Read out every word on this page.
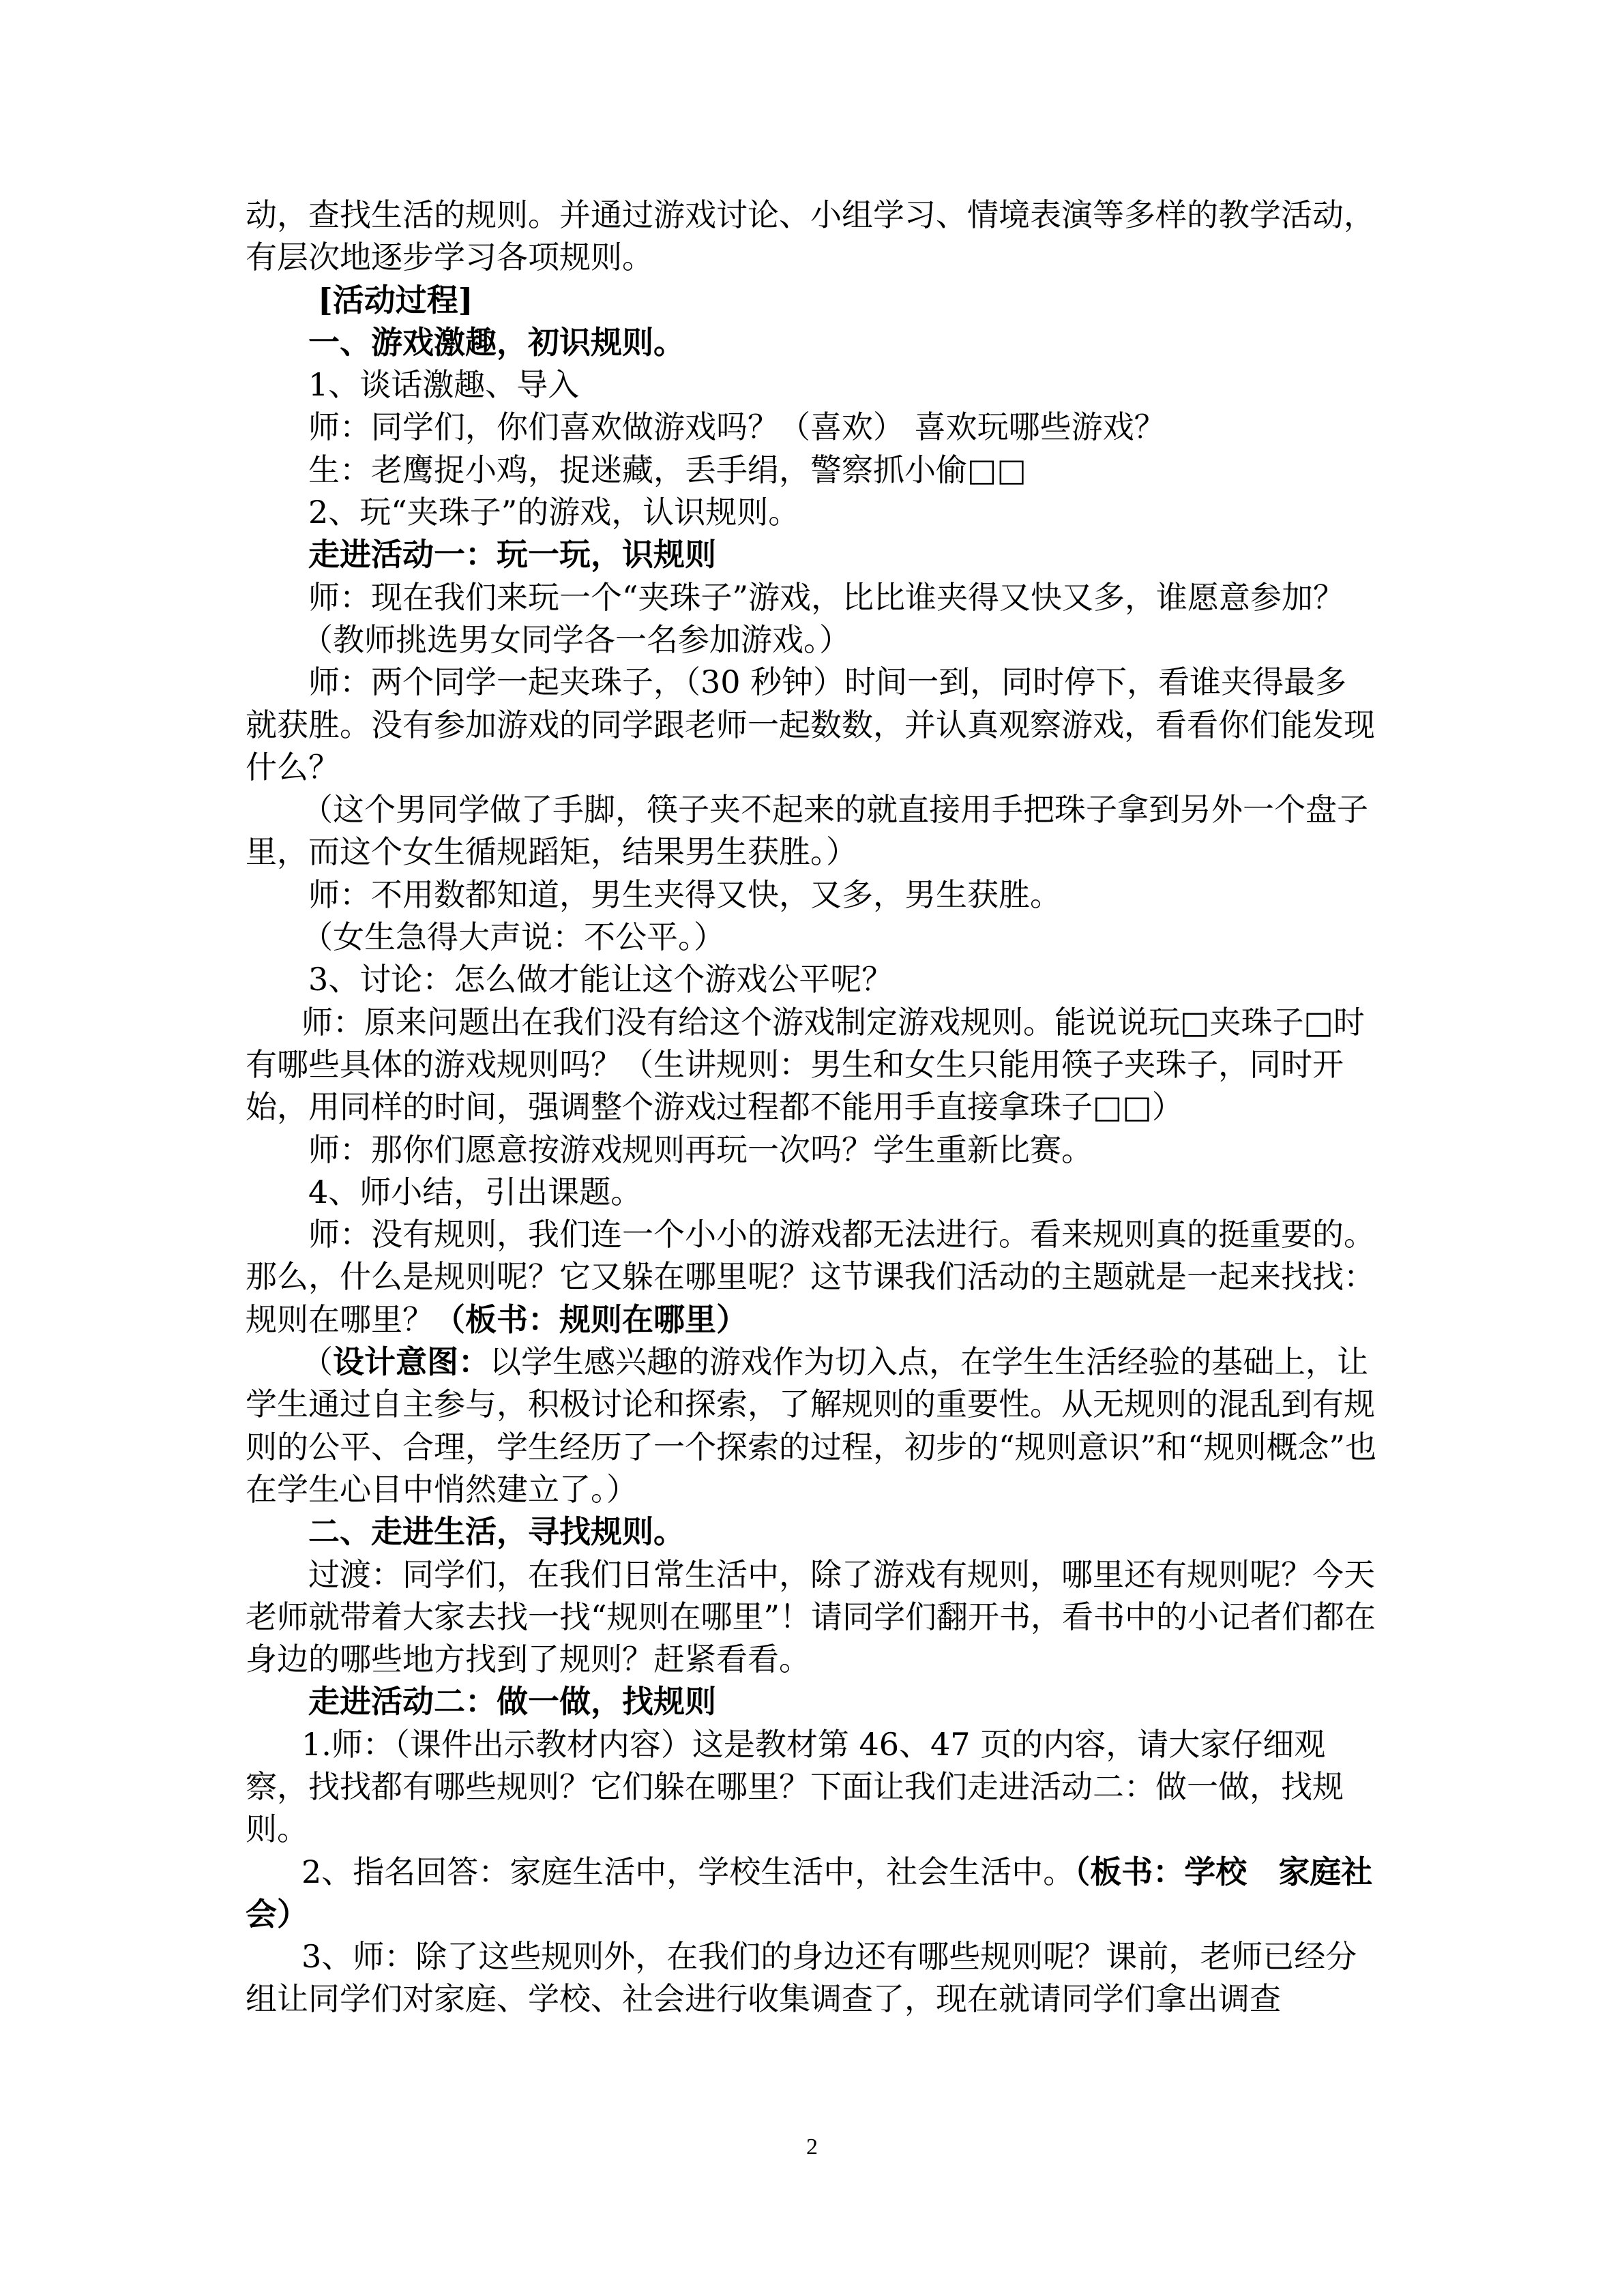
动，查找生活的规则。并通过游戏讨论、小组学习、情境表演等多样的教学活动，有层次地逐步学习各项规则。

[活动过程]

一、游戏激趣，初识规则。

1、谈话激趣、导入

师：同学们，你们喜欢做游戏吗？（喜欢） 喜欢玩哪些游戏？

生：老鹰捉小鸡，捉迷藏，丢手绢，警察抓小偷□□

2、玩“夹珠子”的游戏，认识规则。

走进活动一：玩一玩，识规则

师：现在我们来玩一个“夹珠子”游戏，比比谁夹得又快又多，谁愿意参加？

（教师挑选男女同学各一名参加游戏。）

师：两个同学一起夹珠子，（30 秒钟）时间一到，同时停下，看谁夹得最多就获胜。没有参加游戏的同学跟老师一起数数，并认真观察游戏，看看你们能发现什么？

（这个男同学做了手脚，筷子夹不起来的就直接用手把珠子拿到另外一个盘子里，而这个女生循规蹈矩，结果男生获胜。）

师：不用数都知道，男生夹得又快，又多，男生获胜。

（女生急得大声说：不公平。）

3、讨论：怎么做才能让这个游戏公平呢？

师：原来问题出在我们没有给这个游戏制定游戏规则。能说说玩□夹珠子□时有哪些具体的游戏规则吗？（生讲规则：男生和女生只能用筷子夹珠子，同时开始，用同样的时间，强调整个游戏过程都不能用手直接拿珠子□□）

师：那你们愿意按游戏规则再玩一次吗？学生重新比赛。

4、师小结，引出课题。

师：没有规则，我们连一个小小的游戏都无法进行。看来规则真的挺重要的。那么，什么是规则呢？它又躲在哪里呢？这节课我们活动的主题就是一起来找找：规则在哪里？（板书：规则在哪里）

（设计意图：以学生感兴趣的游戏作为切入点，在学生生活经验的基础上，让学生通过自主参与，积极讨论和探索，了解规则的重要性。从无规则的混乱到有规则的公平、合理，学生经历了一个探索的过程，初步的“规则意识”和“规则概念”也在学生心目中悄然建立了。）

二、走进生活，寻找规则。

过渡：同学们，在我们日常生活中，除了游戏有规则，哪里还有规则呢？今天老师就带着大家去找一找“规则在哪里”！请同学们翻开书，看书中的小记者们都在身边的哪些地方找到了规则？赶紧看看。

走进活动二：做一做，找规则

1.师：（课件出示教材内容）这是教材第 46、47 页的内容，请大家仔细观察，找找都有哪些规则？它们躲在哪里？下面让我们走进活动二：做一做，找规则。

2、指名回答：家庭生活中，学校生活中，社会生活中。（板书：学校　家庭社会）

3、师：除了这些规则外，在我们的身边还有哪些规则呢？课前，老师已经分组让同学们对家庭、学校、社会进行收集调查了，现在就请同学们拿出调查

2
